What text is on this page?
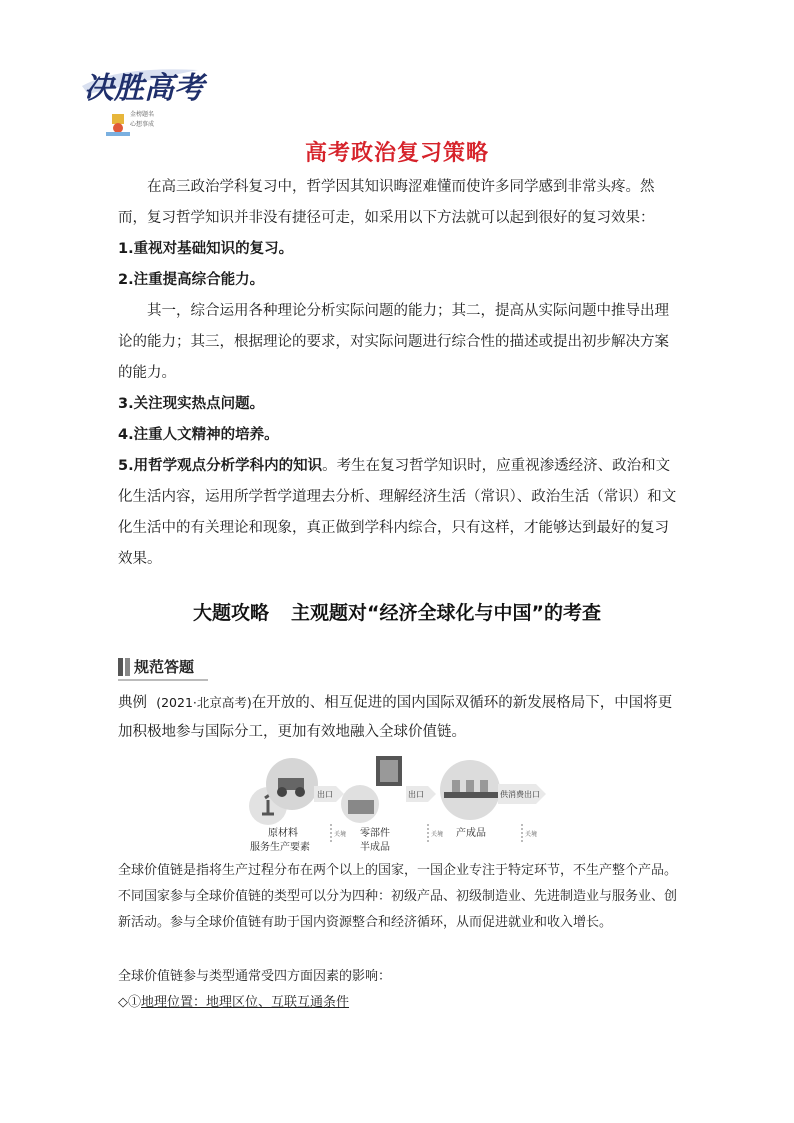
决胜高考
金榜题名
心想事成
高考政治复习策略
在高三政治学科复习中，哲学因其知识晦涩难懂而使许多同学感到非常头疼。然而，复习哲学知识并非没有捷径可走，如采用以下方法就可以起到很好的复习效果：
1.重视对基础知识的复习。
2.注重提高综合能力。
其一，综合运用各种理论分析实际问题的能力；其二，提高从实际问题中推导出理论的能力；其三，根据理论的要求，对实际问题进行综合性的描述或提出初步解决方案的能力。
3.关注现实热点问题。
4.注重人文精神的培养。
5.用哲学观点分析学科内的知识。考生在复习哲学知识时，应重视渗透经济、政治和文化生活内容，运用所学哲学道理去分析、理解经济生活（常识）、政治生活（常识）和文化生活中的有关理论和现象，真正做到学科内综合，只有这样，才能够达到最好的复习效果。
大题攻略 主观题对“经济全球化与中国”的考查
规范答题
典例 (2021·北京高考)在开放的、相互促进的国内国际双循环的新发展格局下，中国将更加积极地参与国际分工，更加有效地融入全球价值链。
出口
关境
出口
关境
供消费出口
关境
原材料
服务生产要素
零部件
半成品
产成品
全球价值链是指将生产过程分布在两个以上的国家，一国企业专注于特定环节，不生产整个产品。不同国家参与全球价值链的类型可以分为四种：初级产品、初级制造业、先进制造业与服务业、创新活动。参与全球价值链有助于国内资源整合和经济循环，从而促进就业和收入增长。
全球价值链参与类型通常受四方面因素的影响：
◇①地理位置：地理区位、互联互通条件
